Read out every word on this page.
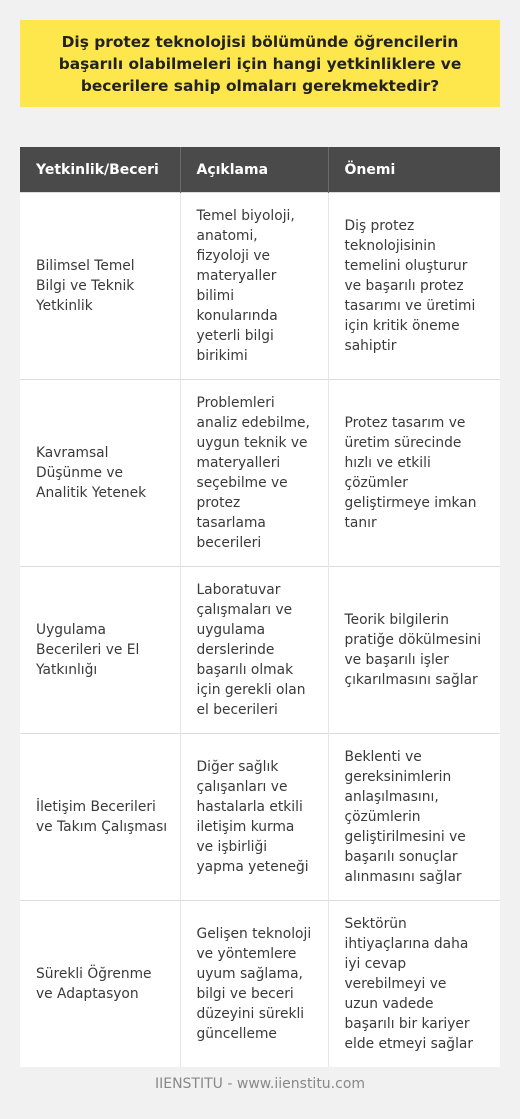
Diş protez teknolojisi bölümünde öğrencilerin başarılı olabilmeleri için hangi yetkinliklere ve becerilere sahip olmaları gerekmektedir?
Yetkinlik/Beceri	Açıklama	Önemi
Bilimsel Temel Bilgi ve Teknik Yetkinlik	Temel biyoloji, anatomi, fizyoloji ve materyaller bilimi konularında yeterli bilgi birikimi	Diş protez teknolojisinin temelini oluşturur ve başarılı protez tasarımı ve üretimi için kritik öneme sahiptir
Kavramsal Düşünme ve Analitik Yetenek	Problemleri analiz edebilme, uygun teknik ve materyalleri seçebilme ve protez tasarlama becerileri	Protez tasarım ve üretim sürecinde hızlı ve etkili çözümler geliştirmeye imkan tanır
Uygulama Becerileri ve El Yatkınlığı	Laboratuvar çalışmaları ve uygulama derslerinde başarılı olmak için gerekli olan el becerileri	Teorik bilgilerin pratiğe dökülmesini ve başarılı işler çıkarılmasını sağlar
İletişim Becerileri ve Takım Çalışması	Diğer sağlık çalışanları ve hastalarla etkili iletişim kurma ve işbirliği yapma yeteneği	Beklenti ve gereksinimlerin anlaşılmasını, çözümlerin geliştirilmesini ve başarılı sonuçlar alınmasını sağlar
Sürekli Öğrenme ve Adaptasyon	Gelişen teknoloji ve yöntemlere uyum sağlama, bilgi ve beceri düzeyini sürekli güncelleme	Sektörün ihtiyaçlarına daha iyi cevap verebilmeyi ve uzun vadede başarılı bir kariyer elde etmeyi sağlar
IIENSTITU - www.iienstitu.com
